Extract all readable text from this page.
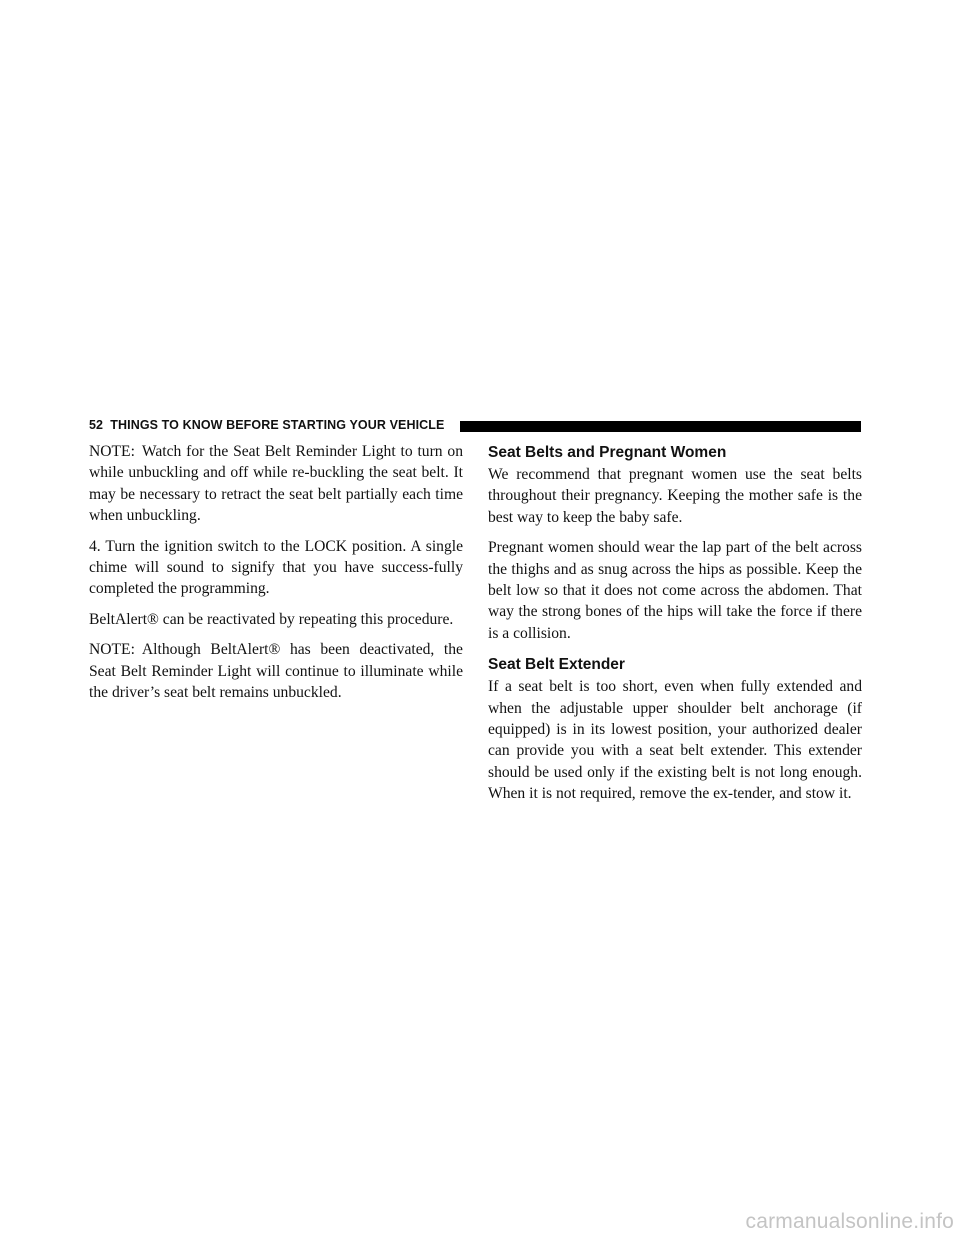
52 THINGS TO KNOW BEFORE STARTING YOUR VEHICLE

NOTE: Watch for the Seat Belt Reminder Light to turn on while unbuckling and off while re-buckling the seat belt. It may be necessary to retract the seat belt partially each time when unbuckling.

4. Turn the ignition switch to the LOCK position. A single chime will sound to signify that you have success-fully completed the programming.

BeltAlert® can be reactivated by repeating this procedure.

NOTE: Although BeltAlert® has been deactivated, the Seat Belt Reminder Light will continue to illuminate while the driver’s seat belt remains unbuckled.

Seat Belts and Pregnant Women

We recommend that pregnant women use the seat belts throughout their pregnancy. Keeping the mother safe is the best way to keep the baby safe.

Pregnant women should wear the lap part of the belt across the thighs and as snug across the hips as possible. Keep the belt low so that it does not come across the abdomen. That way the strong bones of the hips will take the force if there is a collision.

Seat Belt Extender

If a seat belt is too short, even when fully extended and when the adjustable upper shoulder belt anchorage (if equipped) is in its lowest position, your authorized dealer can provide you with a seat belt extender. This extender should be used only if the existing belt is not long enough. When it is not required, remove the ex-tender, and stow it.

carmanualsonline.info
